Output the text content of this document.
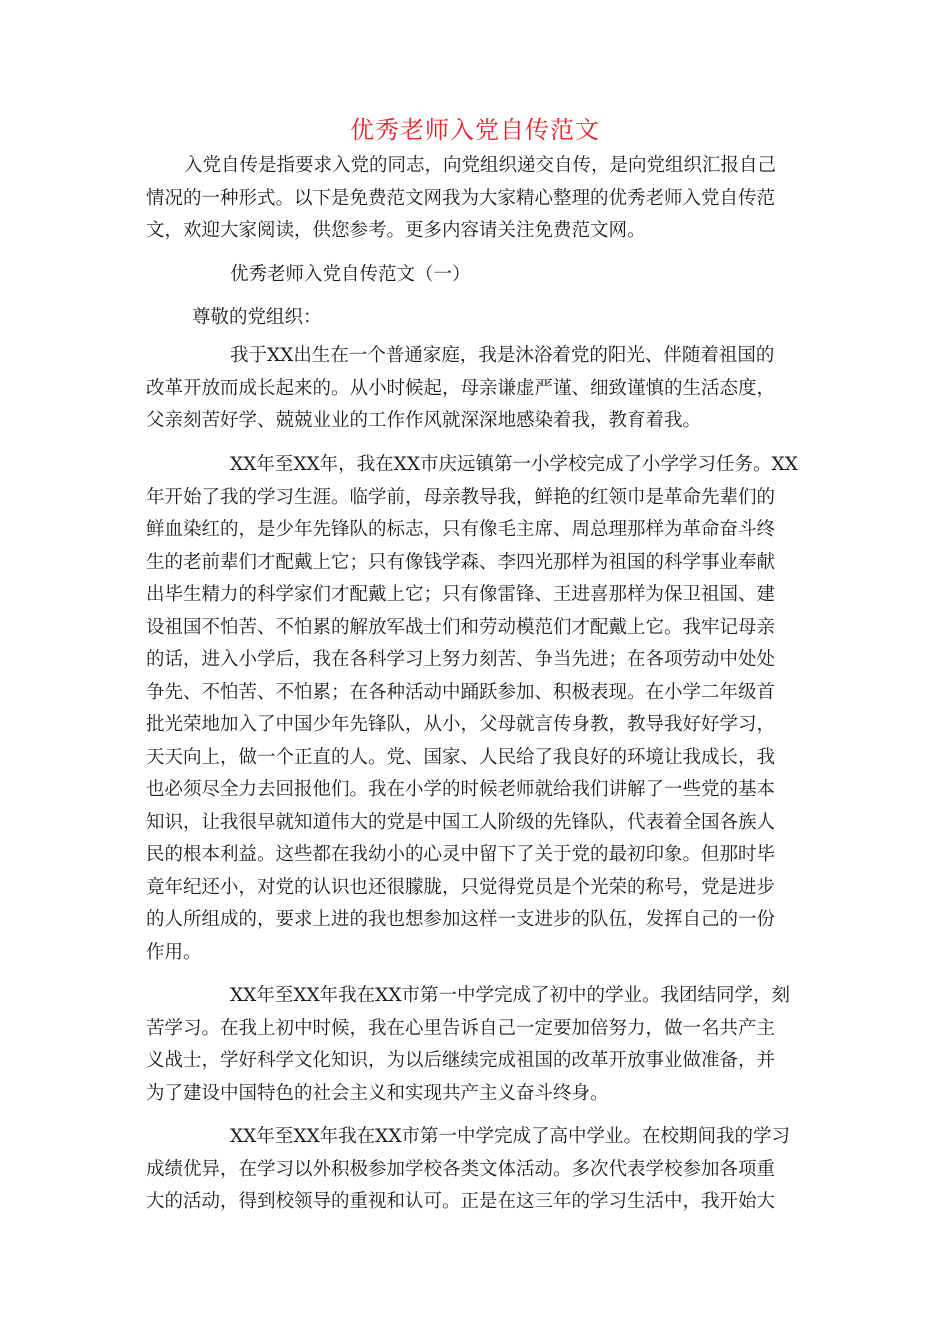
优秀老师入党自传范文
入党自传是指要求入党的同志，向党组织递交自传，是向党组织汇报自己
情况的一种形式。以下是免费范文网我为大家精心整理的优秀老师入党自传范
文，欢迎大家阅读，供您参考。更多内容请关注免费范文网。
优秀老师入党自传范文（一）
尊敬的党组织：
我于XX出生在一个普通家庭，我是沐浴着党的阳光、伴随着祖国的
改革开放而成长起来的。从小时候起，母亲谦虚严谨、细致谨慎的生活态度，
父亲刻苦好学、兢兢业业的工作作风就深深地感染着我，教育着我。
XX年至XX年，我在XX市庆远镇第一小学校完成了小学学习任务。XX
年开始了我的学习生涯。临学前，母亲教导我，鲜艳的红领巾是革命先辈们的
鲜血染红的，是少年先锋队的标志，只有像毛主席、周总理那样为革命奋斗终
生的老前辈们才配戴上它；只有像钱学森、李四光那样为祖国的科学事业奉献
出毕生精力的科学家们才配戴上它；只有像雷锋、王进喜那样为保卫祖国、建
设祖国不怕苦、不怕累的解放军战士们和劳动模范们才配戴上它。我牢记母亲
的话，进入小学后，我在各科学习上努力刻苦、争当先进；在各项劳动中处处
争先、不怕苦、不怕累；在各种活动中踊跃参加、积极表现。在小学二年级首
批光荣地加入了中国少年先锋队，从小，父母就言传身教，教导我好好学习，
天天向上，做一个正直的人。党、国家、人民给了我良好的环境让我成长，我
也必须尽全力去回报他们。我在小学的时候老师就给我们讲解了一些党的基本
知识，让我很早就知道伟大的党是中国工人阶级的先锋队，代表着全国各族人
民的根本利益。这些都在我幼小的心灵中留下了关于党的最初印象。但那时毕
竟年纪还小，对党的认识也还很朦胧，只觉得党员是个光荣的称号，党是进步
的人所组成的，要求上进的我也想参加这样一支进步的队伍，发挥自己的一份
作用。
XX年至XX年我在XX市第一中学完成了初中的学业。我团结同学，刻
苦学习。在我上初中时候，我在心里告诉自己一定要加倍努力，做一名共产主
义战士，学好科学文化知识，为以后继续完成祖国的改革开放事业做准备，并
为了建设中国特色的社会主义和实现共产主义奋斗终身。
XX年至XX年我在XX市第一中学完成了高中学业。在校期间我的学习
成绩优异，在学习以外积极参加学校各类文体活动。多次代表学校参加各项重
大的活动，得到校领导的重视和认可。正是在这三年的学习生活中，我开始大
